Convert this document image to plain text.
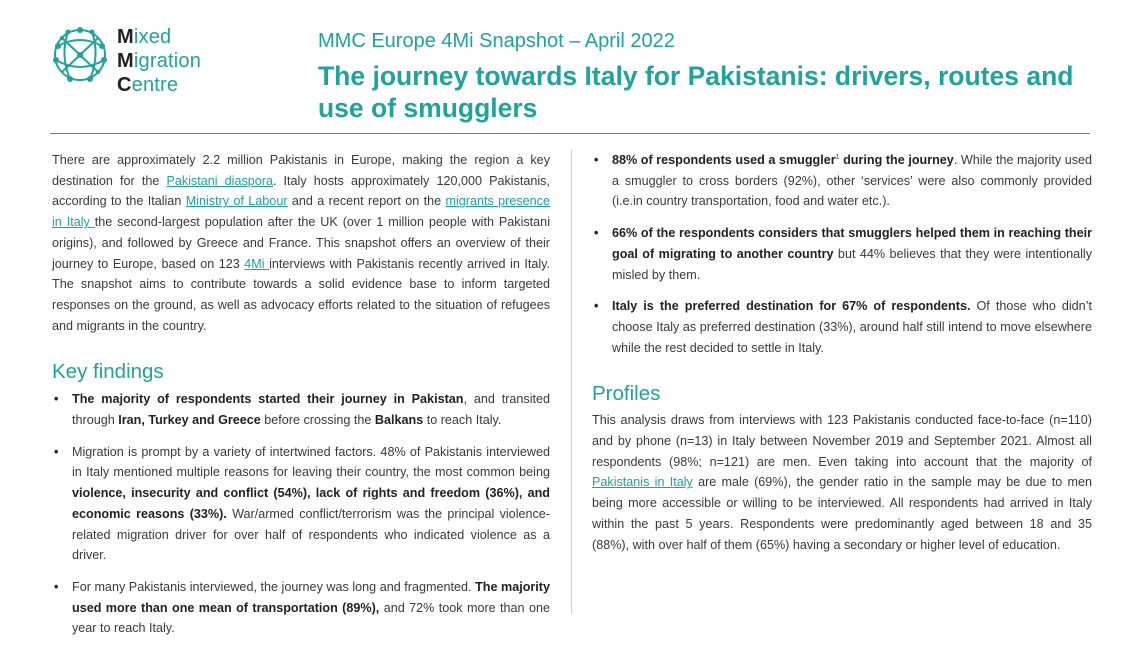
Mixed
Migration
Centre
MMC Europe 4Mi Snapshot – April 2022
The journey towards Italy for Pakistanis: drivers, routes and use of smugglers

There are approximately 2.2 million Pakistanis in Europe, making the region a key destination for the Pakistani diaspora. Italy hosts approximately 120,000 Pakistanis, according to the Italian Ministry of Labour and a recent report on the migrants presence in Italy the second-largest population after the UK (over 1 million people with Pakistani origins), and followed by Greece and France. This snapshot offers an overview of their journey to Europe, based on 123 4Mi interviews with Pakistanis recently arrived in Italy. The snapshot aims to contribute towards a solid evidence base to inform targeted responses on the ground, as well as advocacy efforts related to the situation of refugees and migrants in the country.

Key findings
• The majority of respondents started their journey in Pakistan, and transited through Iran, Turkey and Greece before crossing the Balkans to reach Italy.
• Migration is prompt by a variety of intertwined factors. 48% of Pakistanis interviewed in Italy mentioned multiple reasons for leaving their country, the most common being violence, insecurity and conflict (54%), lack of rights and freedom (36%), and economic reasons (33%). War/armed conflict/terrorism was the principal violence-related migration driver for over half of respondents who indicated violence as a driver.
• For many Pakistanis interviewed, the journey was long and fragmented. The majority used more than one mean of transportation (89%), and 72% took more than one year to reach Italy.
• 88% of respondents used a smuggler$^1$ during the journey. While the majority used a smuggler to cross borders (92%), other ‘services’ were also commonly provided (i.e.in country transportation, food and water etc.).
• 66% of the respondents considers that smugglers helped them in reaching their goal of migrating to another country but 44% believes that they were intentionally misled by them.
• Italy is the preferred destination for 67% of respondents. Of those who didn’t choose Italy as preferred destination (33%), around half still intend to move elsewhere while the rest decided to settle in Italy.
Profiles

This analysis draws from interviews with 123 Pakistanis conducted face-to-face (n=110) and by phone (n=13) in Italy between November 2019 and September 2021. Almost all respondents (98%; n=121) are men. Even taking into account that the majority of Pakistanis in Italy are male (69%), the gender ratio in the sample may be due to men being more accessible or willing to be interviewed. All respondents had arrived in Italy within the past 5 years. Respondents were predominantly aged between 18 and 35 (88%), with over half of them (65%) having a secondary or higher level of education.
